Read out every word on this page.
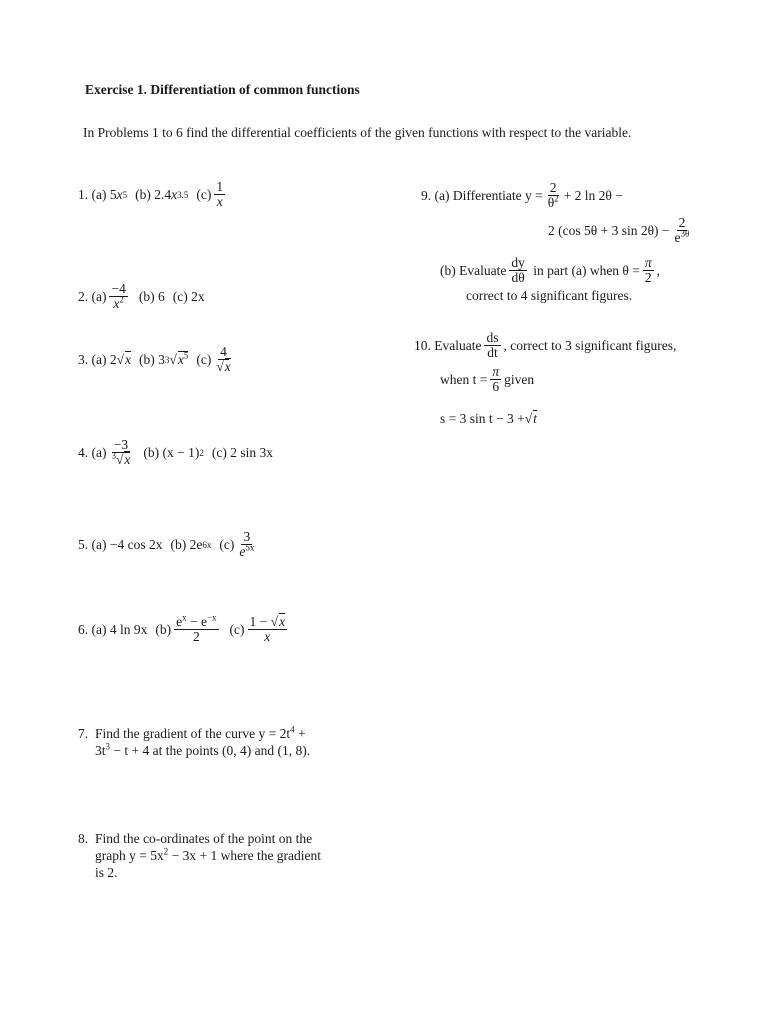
Exercise 1. Differentiation of common functions
In Problems 1 to 6 find the differential coefficients of the given functions with respect to the variable.
1.
(a) 5 x 5 (b) 2.4 x 3.5 $(c) \frac{1}{x}$
2.
$(a) \frac{-4}{x^2} (b)$ 6 (c) 2x
3.
(a) 2 √ x (b) 3 3 √ $x^5$ $(c) \frac{4}{√x}$
4.
$(a) \frac{-3}{^3√x} (b) (x - 1)$ 2 (c) 2 sin 3x
5.
(a) −4 cos 2x (b) 2e 6x $(c) \frac{3}{e^{5x}}$
6.
(a) 4 ln 9x $(b) \frac{e^x - e^{-x}}{2} (c) \frac{1 - √x}{x}$
7. Find the gradient of the curve $y = 2t^4$ +
$3t^3 - t + 4$ at the points (0, 4) and (1, 8).
8. Find the co-ordinates of the point on the
graph $y = 5x^2 - 3x + 1$ where the gradient
is 2.
9.
(a) Differentiate $y = \frac{2}{\theta^2} + 2$ ln 2θ −
2 (cos 5θ + 3 $\sin 2\theta) - \frac{2}{e^{3\theta}}$
(b) Evaluate $\frac{dy}{d\theta}$
in part (a) when $\theta = \frac{\pi}{2}$ ,
correct to 4 significant figures.
10.
Evaluate $\frac{ds}{dt}$ , correct to 3 significant figures,
when $t = \frac{\pi}{6}$ given
s = 3 sin t − 3 + √ t
